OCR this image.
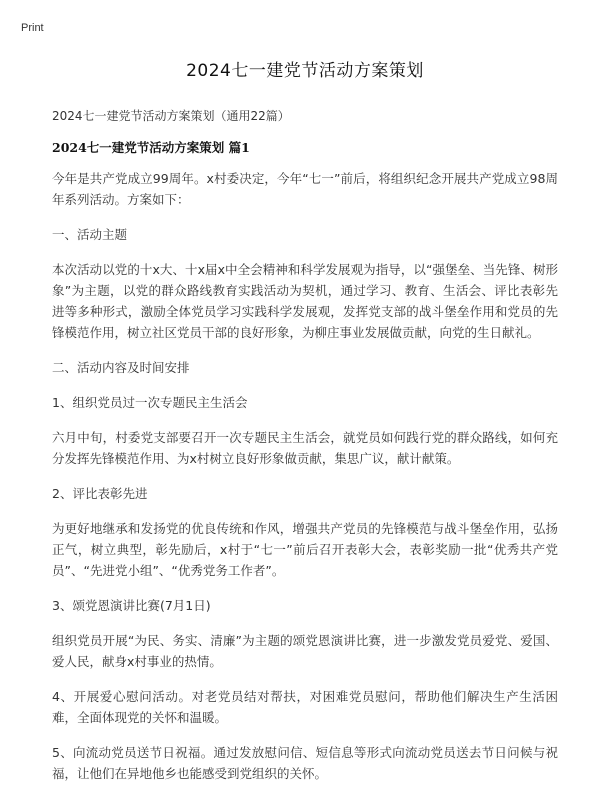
Print
2024七一建党节活动方案策划
2024七一建党节活动方案策划（通用22篇）
2024七一建党节活动方案策划 篇1

今年是共产党成立99周年。x村委决定，今年“七一”前后，将组织纪念开展共产党成立98周年系列活动。方案如下：

一、活动主题

本次活动以党的十x大、十x届x中全会精神和科学发展观为指导，以“强堡垒、当先锋、树形象”为主题，以党的群众路线教育实践活动为契机，通过学习、教育、生活会、评比表彰先进等多种形式，激励全体党员学习实践科学发展观，发挥党支部的战斗堡垒作用和党员的先锋模范作用，树立社区党员干部的良好形象，为柳庄事业发展做贡献，向党的生日献礼。

二、活动内容及时间安排

1、组织党员过一次专题民主生活会

六月中旬，村委党支部要召开一次专题民主生活会，就党员如何践行党的群众路线，如何充分发挥先锋模范作用、为x村树立良好形象做贡献，集思广议，献计献策。

2、评比表彰先进

为更好地继承和发扬党的优良传统和作风，增强共产党员的先锋模范与战斗堡垒作用，弘扬正气，树立典型，彰先励后，x村于“七一”前后召开表彰大会，表彰奖励一批“优秀共产党员”、“先进党小组”、“优秀党务工作者”。

3、颂党恩演讲比赛(7月1日)

组织党员开展“为民、务实、清廉”为主题的颂党恩演讲比赛，进一步激发党员爱党、爱国、爱人民，献身x村事业的热情。

4、开展爱心慰问活动。对老党员结对帮扶，对困难党员慰问，帮助他们解决生产生活困难，全面体现党的关怀和温暖。

5、向流动党员送节日祝福。通过发放慰问信、短信息等形式向流动党员送去节日问候与祝福，让他们在异地他乡也能感受到党组织的关怀。
